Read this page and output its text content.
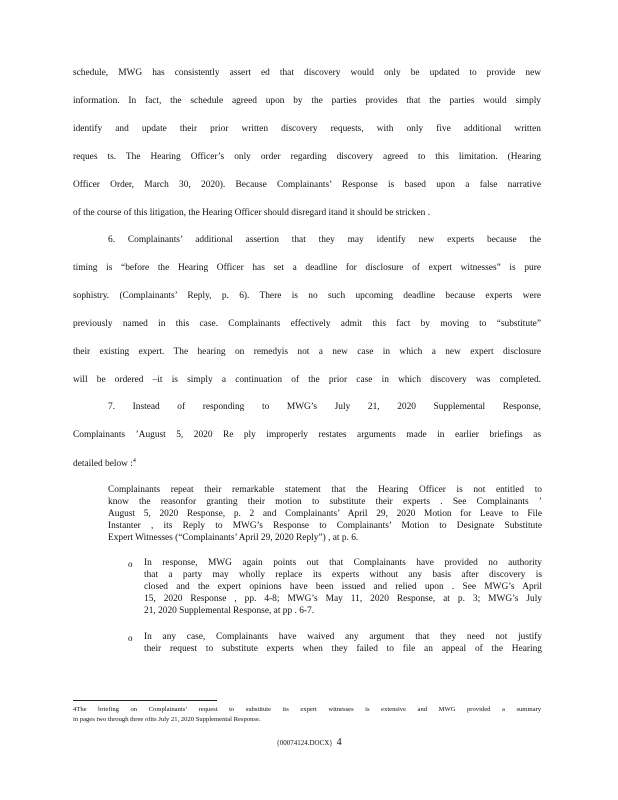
schedule, MWG has consistently assert ed that discovery would only be updated to provide new
information. In fact, the schedule agreed upon by the parties provides that the parties would simply
identify and update their prior written discovery requests, with only five additional written
reques ts. The Hearing Officer’s only order regarding discovery agreed to this limitation. (Hearing
Officer Order, March 30, 2020). Because Complainants’ Response is based upon a false narrative
of the course of this litigation, the Hearing Officer should disregard itand it should be stricken .
6. Complainants’ additional assertion that they may identify new experts because the
timing is “before the Hearing Officer has set a deadline for disclosure of expert witnesses” is pure
sophistry. (Complainants’ Reply, p. 6). There is no such upcoming deadline because experts were
previously named in this case. Complainants effectively admit this fact by moving to “substitute”
their existing expert. The hearing on remedyis not a new case in which a new expert disclosure
will be ordered –it is simply a continuation of the prior case in which discovery was completed.
7. Instead of responding to MWG’s July 21, 2020 Supplemental Response,
Complainants ’August 5, 2020 Re ply improperly restates arguments made in earlier briefings as
detailed below :$^4$
Complainants repeat their remarkable statement that the Hearing Officer is not entitled to
know the reasonfor granting their motion to substitute their experts . See Complainants ’
August 5, 2020 Response, p. 2 and Complainants’ April 29, 2020 Motion for Leave to File
Instanter , its Reply to MWG’s Response to Complainants’ Motion to Designate Substitute
Expert Witnesses (“Complainants’ April 29, 2020 Reply”) , at p. 6.
o In response, MWG again points out that Complainants have provided no authority
that a party may wholly replace its experts without any basis after discovery is
closed and the expert opinions have been issued and relied upon . See MWG’s April
15, 2020 Response , pp. 4-8; MWG’s May 11, 2020 Response, at p. 3; MWG’s July
21, 2020 Supplemental Response, at pp . 6-7.
o In any case, Complainants have waived any argument that they need not justify
their request to substitute experts when they failed to file an appeal of the Hearing
4The briefing on Complainants’ request to substitute its expert witnesses is extensive and MWG provided a summary
in pages two through three ofits July 21, 2020 Supplemental Response.
{00074124.DOCX} 4
